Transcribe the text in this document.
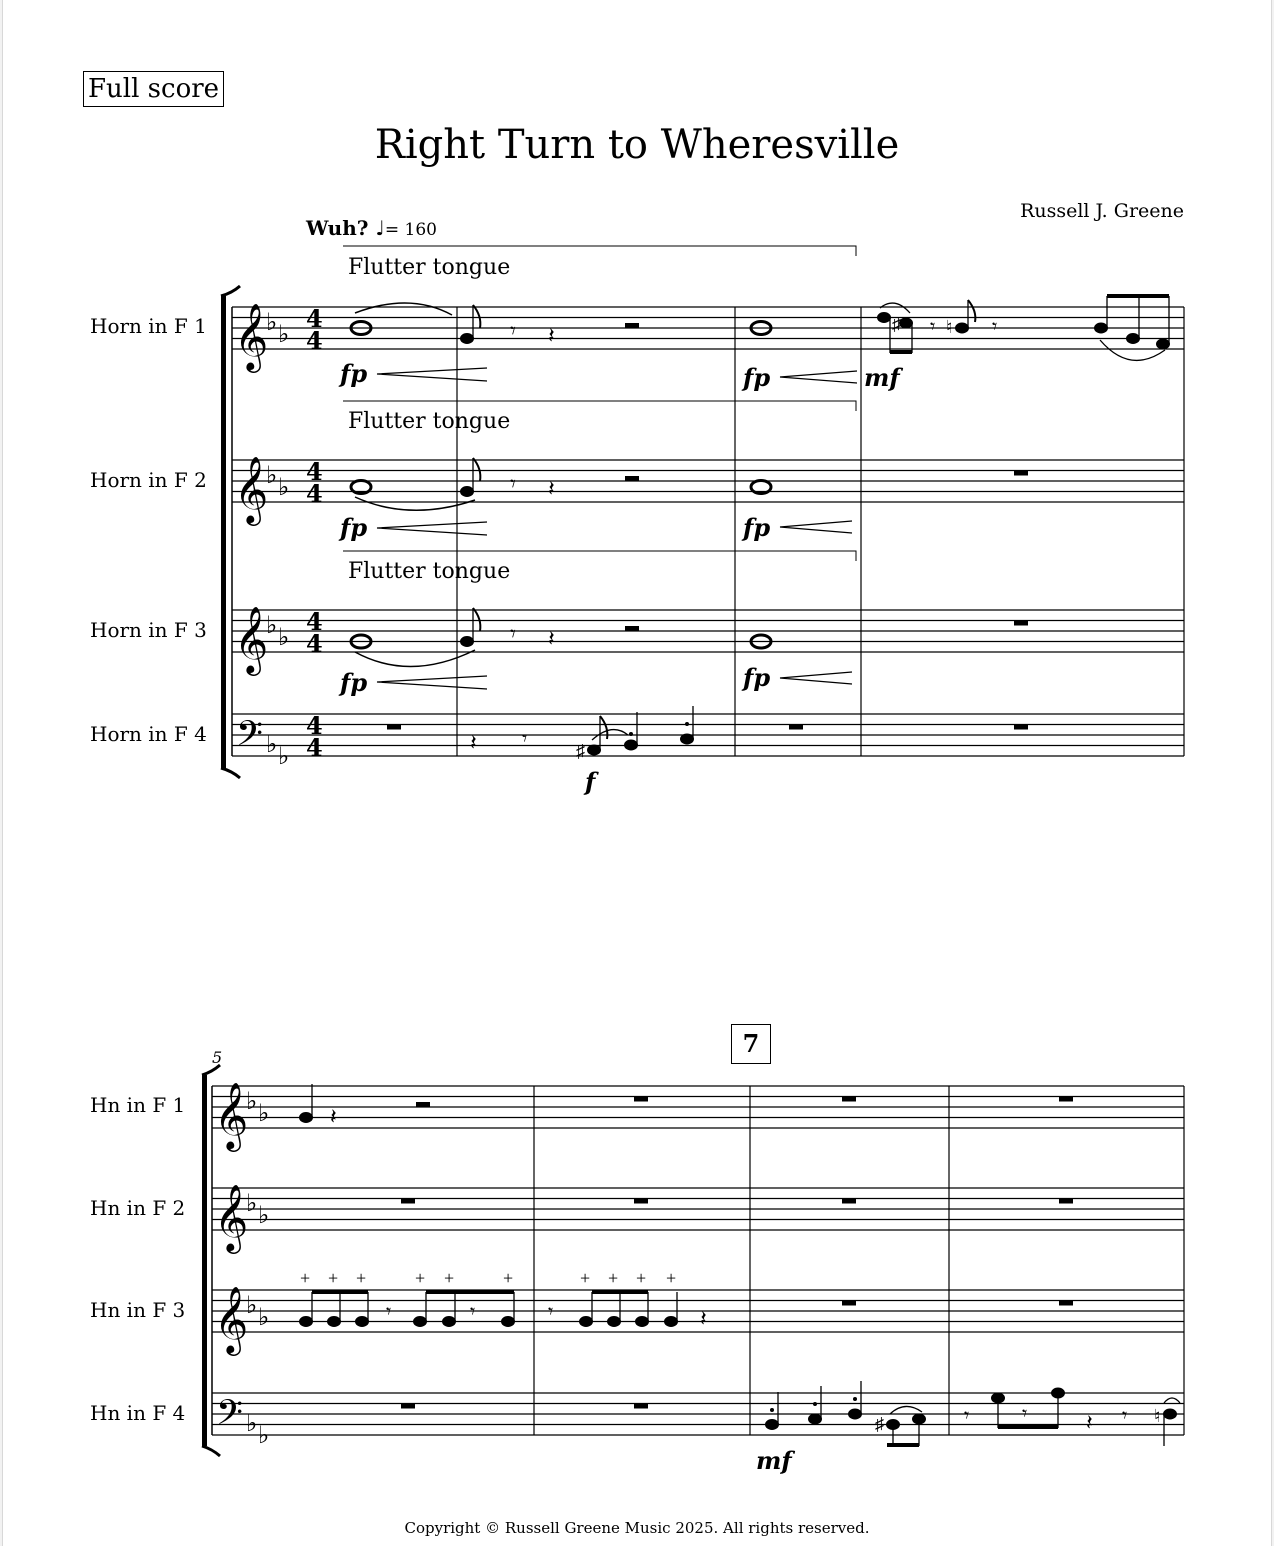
Full score
Right Turn to Wheresville
Russell J. Greene
Wuh? ♩= 160
Flutter tongue
Flutter tongue
Flutter tongue
Horn in F 1
Horn in F 2
Horn in F 3
Horn in F 4
Hn in F 1
Hn in F 2
Hn in F 3
Hn in F 4
5	7
Copyright © Russell Greene Music 2025. All rights reserved.
𝄞
𝄞
𝄞
𝄢
♭ ♭
♭ ♭
♭ ♭
♭ ♭
4
4
4
4
4
4
4
4
𝄾 𝄽	♯ 𝄾 ♮ 𝄾
𝄾 𝄽
𝄾 𝄽
𝄽 𝄾
♯
fp	fp	mf
fp	fp
fp	fp
f
𝄞
𝄞
𝄞
𝄢
♭ ♭
♭ ♭
♭ ♭
♭ ♭
𝄽
𝄾	𝄾
+ + +	+ +	+
𝄾	𝄽
+ + + +
♯	𝄾	𝄾	𝄽 𝄾 ♮
mf
